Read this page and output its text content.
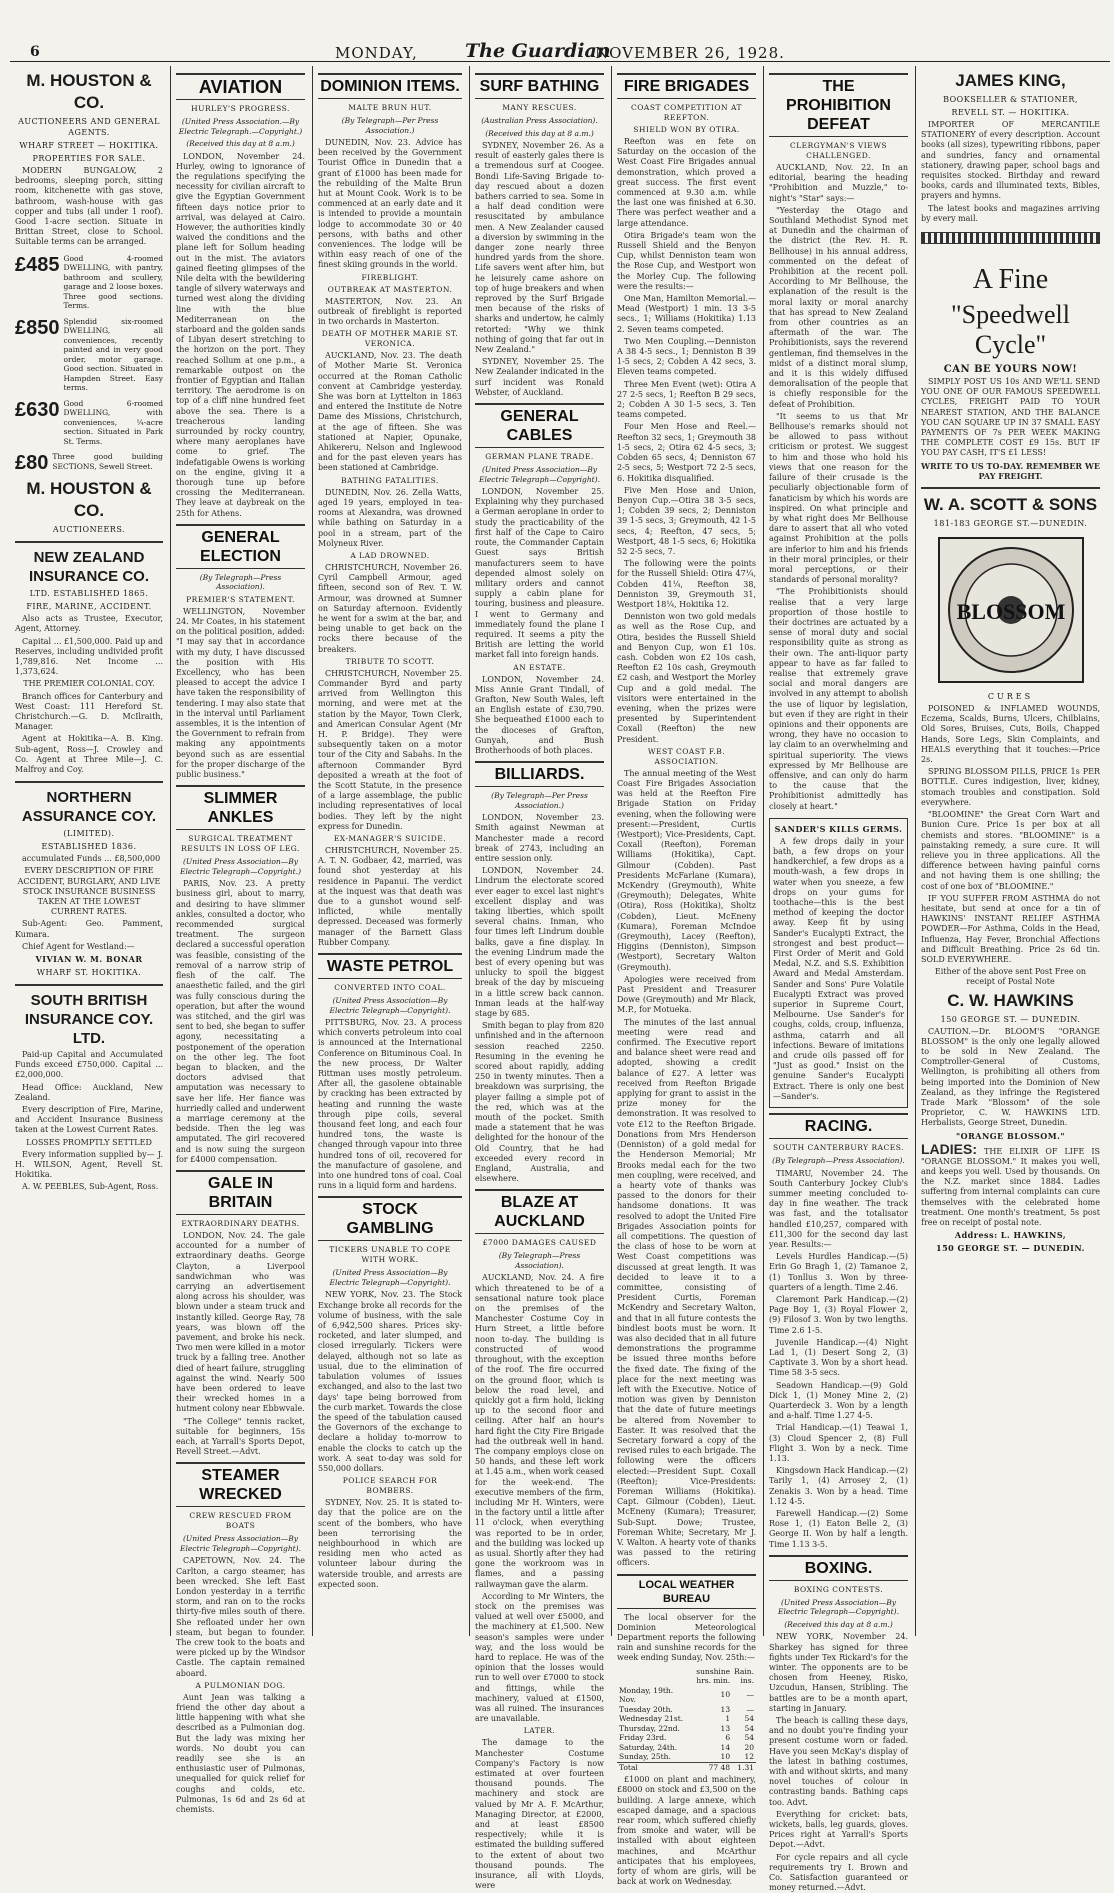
6	MONDAY, The Guardian
NOVEMBER 26, 1928.
M. HOUSTON & CO.
AUCTIONEERS AND GENERAL AGENTS.
WHARF STREET — HOKITIKA.
PROPERTIES FOR SALE.

MODERN BUNGALOW, 2 bedrooms, sleeping porch, sitting room, kitchenette with gas stove, bathroom, wash-house with gas copper and tubs (all under 1 roof). Good 1-acre section. Situate in Brittan Street, close to School. Suitable terms can be arranged.

£485 Good 4-roomed DWELLING, with pantry, bathroom and scullery, garage and 2 loose boxes. Three good sections. Terms.
£850 Splendid six-roomed DWELLING, all conveniences, recently painted and in very good order, motor garage. Good section. Situated in Hampden Street. Easy terms.
£630 Good 6-roomed DWELLING, with conveniences, ¼-acre section. Situated in Park St. Terms.
£80 Three good building SECTIONS, Sewell Street.
M. HOUSTON & CO.
AUCTIONEERS.
NEW ZEALAND INSURANCE CO.
LTD. ESTABLISHED 1865.
FIRE, MARINE, ACCIDENT.

Also acts as Trustee, Executor, Agent, Attorney.

Capital ... £1,500,000. Paid up and Reserves, including undivided profit 1,789,816. Net Income ... 1,373,624.

THE PREMIER COLONIAL COY.

Branch offices for Canterbury and West Coast: 111 Hereford St. Christchurch.—G. D. McIlraith, Manager.

Agent at Hokitika—A. B. King. Sub-agent, Ross—J. Crowley and Co. Agent at Three Mile—J. C. Malfroy and Coy.

NORTHERN ASSURANCE COY.
(LIMITED).
ESTABLISHED 1836.

accumulated Funds ... £8,500,000

EVERY DESCRIPTION OF FIRE ACCIDENT, BURGLARY, AND LIVE STOCK INSURANCE BUSINESS TAKEN AT THE LOWEST CURRENT RATES.

Sub-Agent: Geo. Pamment, Kumara.

Chief Agent for Westland:—

VIVIAN W. M. BONAR
WHARF ST. HOKITIKA.
SOUTH BRITISH INSURANCE COY. LTD.

Paid-up Capital and Accumulated Funds exceed £750,000. Capital ... £2,000,000.

Head Office: Auckland, New Zealand.

Every description of Fire, Marine, and Accident Insurance Business taken at the Lowest Current Rates.

LOSSES PROMPTLY SETTLED

Every information supplied by— J. H. WILSON, Agent, Revell St. Hokitika.

A. W. PEEBLES, Sub-Agent, Ross.

AVIATION
HURLEY'S PROGRESS.
(United Press Association.—By Electric Telegraph.—Copyright.)
(Received this day at 8 a.m.)

LONDON, November 24. Hurley, owing to ignorance of the regulations specifying the necessity for civilian aircraft to give the Egyptian Government fifteen days notice prior to arrival, was delayed at Cairo. However, the authorities kindly waived the conditions and the plane left for Sollum heading out in the mist. The aviators gained fleeting glimpses of the Nile delta with the bewildering tangle of silvery waterways and turned west along the dividing line with the blue Mediterranean on the starboard and the golden sands of Libyan desert stretching to the horizon on the port. They reached Sollum at one p.m., a remarkable outpost on the frontier of Egyptian and Italian territory. The aerodrome is on top of a cliff nine hundred feet above the sea. There is a treacherous landing surrounded by rocky country, where many aeroplanes have come to grief. The indefatigable Owens is working on the engine, giving it a thorough tune up before crossing the Mediterranean. They leave at daybreak on the 25th for Athens.

GENERAL ELECTION
(By Telegraph—Press Association).
PREMIER'S STATEMENT.

WELLINGTON, November 24. Mr Coates, in his statement on the political position, added: "I may say that in accordance with my duty, I have discussed the position with His Excellency, who has been pleased to accept the advice I have taken the responsibility of tendering. I may also state that in the interval until Parliament assembles, it is the intention of the Government to refrain from making any appointments beyond such as are essential for the proper discharge of the public business."

SLIMMER ANKLES
SURGICAL TREATMENT RESULTS IN LOSS OF LEG.
(United Press Association—By Electric Telegraph—Copyright.)

PARIS, Nov. 23. A pretty business girl, about to marry, and desiring to have slimmer ankles, consulted a doctor, who recommended surgical treatment. The surgeon declared a successful operation was feasible, consisting of the removal of a narrow strip of flesh of the calf. The anaesthetic failed, and the girl was fully conscious during the operation, but after the wound was stitched, and the girl was sent to bed, she began to suffer agony, necessitating a postponement of the operation on the other leg. The foot began to blacken, and the doctors advised that amputation was necessary to save her life. Her fiance was hurriedly called and underwent a marriage ceremony at the bedside. Then the leg was amputated. The girl recovered and is now suing the surgeon for £4000 compensation.

GALE IN BRITAIN
EXTRAORDINARY DEATHS.

LONDON, Nov. 24. The gale accounted for a number of extraordinary deaths. George Clayton, a Liverpool sandwichman who was carrying an advertisement along across his shoulder, was blown under a steam truck and instantly killed. George Ray, 78 years, was blown off the pavement, and broke his neck. Two men were killed in a motor truck by a falling tree. Another died of heart failure, struggling against the wind. Nearly 500 have been ordered to leave their wrecked homes in a hutment colony near Ebbwvale.

"The College" tennis racket, suitable for beginners, 15s each, at Yarrall's Sports Depot, Revell Street.—Advt.

STEAMER WRECKED
CREW RESCUED FROM BOATS
(United Press Association—By Electric Telegraph—Copyright).

CAPETOWN, Nov. 24. The Carlton, a cargo steamer, has been wrecked. She left East London yesterday in a terrific storm, and ran on to the rocks thirty-five miles south of there. She refloated under her own steam, but began to founder. The crew took to the boats and were picked up by the Windsor Castle. The captain remained aboard.

A PULMONIAN DOG.

Aunt Jean was talking a friend the other day about a little happening with what she described as a Pulmonian dog. But the lady was mixing her words. No doubt you can readily see she is an enthusiastic user of Pulmonas, unequalled for quick relief for coughs and colds, etc. Pulmonas, 1s 6d and 2s 6d at chemists.

DOMINION ITEMS.
MALTE BRUN HUT.
(By Telegraph—Per Press Association.)

DUNEDIN, Nov. 23. Advice has been received by the Government Tourist Office in Dunedin that a grant of £1000 has been made for the rebuilding of the Malte Brun hut at Mount Cook. Work is to be commenced at an early date and it is intended to provide a mountain lodge to accommodate 30 or 40 persons, with baths and other conveniences. The lodge will be within easy reach of one of the finest skiing grounds in the world.

FIREBLIGHT.
OUTBREAK AT MASTERTON.

MASTERTON, Nov. 23. An outbreak of fireblight is reported in two orchards in Masterton.

DEATH OF MOTHER MARIE ST. VERONICA.

AUCKLAND, Nov. 23. The death of Mother Marie St. Veronica occurred at the Roman Catholic convent at Cambridge yesterday. She was born at Lyttelton in 1863 and entered the Institute de Notre Dame des Missions, Christchurch, at the age of fifteen. She was stationed at Napier, Opunake, Ahikereru, Nelson and Inglewood and for the past eleven years has been stationed at Cambridge.

BATHING FATALITIES.

DUNEDIN, Nov. 26. Zella Watts, aged 19 years, employed in tea-rooms at Alexandra, was drowned while bathing on Saturday in a pool in a stream, part of the Molyneux River.

A LAD DROWNED.

CHRISTCHURCH, November 26. Cyril Campbell Armour, aged fifteen, second son of Rev. T. W. Armour, was drowned at Sumner on Saturday afternoon. Evidently he went for a swim at the bar, and being unable to get back on the rocks there because of the breakers.

TRIBUTE TO SCOTT.

CHRISTCHURCH, November 25. Commander Byrd and party arrived from Wellington this morning, and were met at the station by the Mayor, Town Clerk, and American Consular Agent (Mr H. P. Bridge). They were subsequently taken on a motor tour of the City and Sabahs. In the afternoon Commander Byrd deposited a wreath at the foot of the Scott Statute, in the presence of a large assemblage, the public including representatives of local bodies. They left by the night express for Dunedin.

EX-MANAGER'S SUICIDE.

CHRISTCHURCH, November 25. A. T. N. Godbaer, 42, married, was found shot yesterday at his residence in Papanui. The verdict at the inquest was that death was due to a gunshot wound self-inflicted, while mentally depressed. Deceased was formerly manager of the Barnett Glass Rubber Company.

WASTE PETROL
CONVERTED INTO COAL.
(United Press Association—By Electric Telegraph—Copyright).

PITTSBURG, Nov. 23. A process which converts petroleum into coal is announced at the International Conference on Bituminous Coal. In the new process, Dr Walter Rittman uses mostly petroleum. After all, the gasolene obtainable by cracking has been extracted by heating and running the waste through pipe coils, several thousand feet long, and each four hundred tons, the waste is changed through vapour into three hundred tons of oil, recovered for the manufacture of gasolene, and into one hundred tons of coal. Coal runs in a liquid form and hardens.

STOCK GAMBLING
TICKERS UNABLE TO COPE WITH WORK.
(United Press Association—By Electric Telegraph—Copyright).

NEW YORK, Nov. 23. The Stock Exchange broke all records for the volume of business, with the sale of 6,942,500 shares. Prices sky-rocketed, and later slumped, and closed irregularly. Tickers were delayed, although not so late as usual, due to the elimination of tabulation volumes of issues exchanged, and also to the last two days' tape being borrowed from the curb market. Towards the close the speed of the tabulation caused the Governors of the exchange to declare a holiday to-morrow to enable the clocks to catch up the work. A seat to-day was sold for 550,000 dollars.

POLICE SEARCH FOR BOMBERS.

SYDNEY, Nov. 25. It is stated to-day that the police are on the scent of the bombers, who have been terrorising the neighbourhood in which are residing men who acted as volunteer labour during the waterside trouble, and arrests are expected soon.

SURF BATHING
MANY RESCUES.
(Australian Press Association).
(Received this day at 8 a.m.)

SYDNEY, November 26. As a result of easterly gales there is a tremendous surf at Coogee. Bondi Life-Saving Brigade to-day rescued about a dozen bathers carried to sea. Some in a half dead condition were resuscitated by ambulance men. A New Zealander caused a diversion by swimming in the danger zone nearly three hundred yards from the shore. Life savers went after him, but he leisurely came ashore on top of huge breakers and when reproved by the Surf Brigade men because of the risks of sharks and undertow, he calmly retorted: "Why we think nothing of going that far out in New Zealand."

SYDNEY, November 25. The New Zealander indicated in the surf incident was Ronald Webster, of Auckland.

GENERAL CABLES
GERMAN PLANE TRADE.
(United Press Association—By Electric Telegraph—Copyright).

LONDON, November 25. Explaining why they purchased a German aeroplane in order to study the practicability of the first half of the Cape to Cairo route, the Commander Captain Guest says British manufacturers seem to have depended almost solely on military orders and cannot supply a cabin plane for touring, business and pleasure. I went to Germany and immediately found the plane I required. It seems a pity the British are letting the world market fall into foreign hands.

AN ESTATE.

LONDON, November 24. Miss Annie Grant Tindall, of Grafton, New South Wales, left an English estate of £30,790. She bequeathed £1000 each to the dioceses of Grafton, Gunyah, and Bush Brotherhoods of both places.

BILLIARDS.
(By Telegraph—Per Press Association.)

LONDON, November 23. Smith against Newman at Manchester made a record break of 2743, including an entire session only.

LONDON, November 24. Lindrum the electorate scored ever eager to excel last night's excellent display and was taking liberties, which spoilt several chains. Inman, who four times left Lindrum double balks, gave a fine display. In the evening Lindrum made the best of every opening but was unlucky to spoil the biggest break of the day by miscueing in a little screw back cannon. Inman leads at the half-way stage by 685.

Smith began to play from 820 unfinished and in the afternoon session reached 2250. Resuming in the evening he scored about rapidly, adding 250 in twenty minutes. Then a breakdown was surprising, the player failing a simple pot of the red, which was at the mouth of the pocket. Smith made a statement that he was delighted for the honour of the Old Country, that he had exceeded every record in England, Australia, and elsewhere.

BLAZE AT AUCKLAND
£7000 DAMAGES CAUSED
(By Telegraph—Press Association).

AUCKLAND, Nov. 24. A fire which threatened to be of a sensational nature took place on the premises of the Manchester Costume Coy in Hurn Street, a little before noon to-day. The building is constructed of wood throughout, with the exception of the roof. The fire occurred on the ground floor, which is below the road level, and quickly got a firm hold, licking up to the second floor and ceiling. After half an hour's hard fight the City Fire Brigade had the outbreak well in hand. The company employs close on 50 hands, and these left work at 1.45 a.m., when work ceased for the week-end. The executive members of the firm, including Mr H. Winters, were in the factory until a little after 11 o'clock, when everything was reported to be in order, and the building was locked up as usual. Shortly after they had gone the workroom was in flames, and a passing railwayman gave the alarm.

According to Mr Winters, the stock on the premises was valued at well over £5000, and the machinery at £1,500. New season's samples were under way, and the loss would be hard to replace. He was of the opinion that the losses would run to well over £7000 to stock and fittings, while the machinery, valued at £1500, was all ruined. The insurances are unavailable.

LATER.

The damage to the Manchester Costume Company's Factory is now estimated at over fourteen thousand pounds. The machinery and stock are valued by Mr A. F. McArthur, Managing Director, at £2000, and at least £8500 respectively; while it is estimated the building suffered to the extent of about two thousand pounds. The insurance, all with Lloyds, were

FIRE BRIGADES
COAST COMPETITION AT REEFTON.
SHIELD WON BY OTIRA.

Reefton was en fete on Saturday on the occasion of the West Coast Fire Brigades annual demonstration, which proved a great success. The first event commenced at 9.30 a.m. while the last one was finished at 6.30. There was perfect weather and a large attendance.

Otira Brigade's team won the Russell Shield and the Benyon Cup, whilst Denniston team won the Rose Cup, and Westport won the Morley Cup. The following were the results:—

One Man, Hamilton Memorial.—Mead (Westport) 1 min. 13 3-5 secs., 1; Williams (Hokitika) 1.13 2. Seven teams competed.

Two Men Coupling.—Denniston A 38 4-5 secs., 1; Denniston B 39 1-5 secs, 2; Cobden A 42 secs, 3. Eleven teams competed.

Three Men Event (wet): Otira A 27 2-5 secs, 1; Reefton B 29 secs, 2; Cobden A 30 1-5 secs, 3. Ten teams competed.

Four Men Hose and Reel.—Reefton 32 secs, 1; Greymouth 38 1-5 secs, 2; Otira 62 4-5 secs, 3; Cobden 65 secs, 4; Denniston 67 2-5 secs, 5; Westport 72 2-5 secs, 6. Hokitika disqualified.

Five Men Hose and Union, Benyon Cup.—Otira 38 3-5 secs, 1; Cobden 39 secs, 2; Denniston 39 1-5 secs, 3; Greymouth, 42 1-5 secs, 4; Reefton, 47 secs, 5; Westport, 48 1-5 secs, 6; Hokitika 52 2-5 secs, 7.

The following were the points for the Russell Shield: Otira 47¼, Cobden 41¼, Reefton 38, Denniston 39, Greymouth 31, Westport 18¼, Hokitika 12.

Denniston won two gold medals as well as the Rose Cup, and Otira, besides the Russell Shield and Benyon Cup, won £1 10s. cash. Cobden won £2 10s cash, Reefton £2 10s cash, Greymouth £2 cash, and Westport the Morley Cup and a gold medal. The visitors were entertained in the evening, when the prizes were presented by Superintendent Coxall (Reefton) the new President.

WEST COAST F.B. ASSOCIATION.

The annual meeting of the West Coast Fire Brigades Association was held at the Reefton Fire Brigade Station on Friday evening, when the following were present:—President, Curtis (Westport); Vice-Presidents, Capt. Coxall (Reefton), Foreman Williams (Hokitika), Capt. Gilmour (Cobden). Past Presidents McFarlane (Kumara), McKendry (Greymouth), White (Greymouth); Delegates, White (Otira), Ross (Hokitika), Sholtz (Cobden), Lieut. McEneny (Kumara), Foreman McIndoe (Greymouth), Lacey (Reefton), Higgins (Denniston), Simpson (Westport), Secretary Walton (Greymouth).

Apologies were received from Past President and Treasurer Dowe (Greymouth) and Mr Black, M.P., for Motueka.

The minutes of the last annual meeting were read and confirmed. The Executive report and balance sheet were read and adopted, showing a credit balance of £27. A letter was received from Reefton Brigade applying for grant to assist in the prize money for the demonstration. It was resolved to vote £12 to the Reefton Brigade. Donations from Mrs Henderson (Denniston) of a gold medal for the Henderson Memorial; Mr Brooks medal each for the two men coupling, were received, and a hearty vote of thanks was passed to the donors for their handsome donations. It was resolved to adopt the United Fire Brigades Association points for all competitions. The question of the class of hose to be worn at West Coast competitions was discussed at great length. It was decided to leave it to a committee, consisting of President Curtis, Foreman McKendry and Secretary Walton, and that in all future contests the bindlest boots must be worn. It was also decided that in all future demonstrations the programme be issued three months before the fixed date. The fixing of the place for the next meeting was left with the Executive. Notice of motion was given by Denniston that the date of future meetings be altered from November to Easter. It was resolved that the Secretary forward a copy of the revised rules to each brigade. The following were the officers elected:—President Supt. Coxall (Reefton); Vice-Presidents: Foreman Williams (Hokitika). Capt. Gilmour (Cobden), Lieut. McEneny (Kumara); Treasurer, Sub-Supt. Dowe; Trustee, Foreman White; Secretary, Mr J. V. Walton. A hearty vote of thanks was passed to the retiring officers.

LOCAL WEATHER BUREAU

The local observer for the Dominion Meteorological Department reports the following rain and sunshine records for the week ending Sunday, Nov. 25th:—

	sunshine	Rain.
	hrs. min.	ins.
Monday, 19th. Nov.	10	—
Tuesday 20th.	13	—
Wednesday 21st.	1	54
Thursday, 22nd.	13	54
Friday 23rd.	6	54
Saturday, 24th.	14	20
Sunday, 25th.	10	12
Total	77 48	1.31

£1000 on plant and machinery, £8000 on stock and £3,500 on the building. A large annexe, which escaped damage, and a spacious rear room, which suffered chiefly from smoke and water, will be installed with about eighteen machines, and McArthur anticipates that his employees, forty of whom are girls, will be back at work on Wednesday.

THE PROHIBITION DEFEAT
CLERGYMAN'S VIEWS CHALLENGED.

AUCKLAND, Nov. 22. In an editorial, bearing the heading "Prohibition and Muzzle," to-night's "Star" says:—

"Yesterday the Otago and Southland Methodist Synod met at Dunedin and the chairman of the district (the Rev. H. R. Bellhouse) in his annual address, commented on the defeat of Prohibition at the recent poll. According to Mr Bellhouse, the explanation of the result is the moral laxity or moral anarchy that has spread to New Zealand from other countries as an aftermath of the war. The Prohibitionists, says the reverend gentleman, find themselves in the midst of a distinct moral slump, and it is this widely diffused demoralisation of the people that is chiefly responsible for the defeat of Prohibition.

"It seems to us that Mr Bellhouse's remarks should not be allowed to pass without criticism or protest. We suggest to him and those who hold his views that one reason for the failure of their crusade is the peculiarly objectionable form of fanaticism by which his words are inspired. On what principle and by what right does Mr Bellhouse dare to assert that all who voted against Prohibition at the polls are inferior to him and his friends in their moral principles, or their moral perceptions, or their standards of personal morality?

"The Prohibitionists should realise that a very large proportion of those hostile to their doctrines are actuated by a sense of moral duty and social responsibility quite as strong as their own. The anti-liquor party appear to have as far failed to realise that extremely grave social and moral dangers are involved in any attempt to abolish the use of liquor by legislation, but even if they are right in their opinions and their opponents are wrong, they have no occasion to lay claim to an overwhelming and spiritual superiority. The views expressed by Mr Bellhouse are offensive, and can only do harm to the cause that the Prohibitionist admittedly has closely at heart."

SANDER'S KILLS GERMS.

A few drops daily in your bath, a few drops on your handkerchief, a few drops as a mouth-wash, a few drops in water when you sneeze, a few drops on your gums for toothache—this is the best method of keeping the doctor away. Keep fit by using Sander's Eucalypti Extract, the strongest and best product—First Order of Merit and Gold Medal, N.Z. and S.S. Exhibition Award and Medal Amsterdam. Sander and Sons' Pure Volatile Eucalypti Extract was proved superior in Supreme Court, Melbourne. Use Sander's for coughs, colds, croup, influenza, asthma, catarrh and all infections. Beware of imitations and crude oils passed off for "Just as good." Insist on the genuine Sander's Eucalypti Extract. There is only one best—Sander's.

RACING.
SOUTH CANTERBURY RACES.
(By Telegraph—Press Association).

TIMARU, November 24. The South Canterbury Jockey Club's summer meeting concluded to-day in fine weather. The track was fast, and the totalisator handled £10,257, compared with £11,300 for the second day last year. Results:—

Levels Hurdles Handicap.—(5) Erin Go Bragh 1, (2) Tamanoe 2, (1) Tonllus 3. Won by three-quarters of a length. Time 2.46.

Claremont Park Handicap.—(2) Page Boy 1, (3) Royal Flower 2, (9) Filosof 3. Won by two lengths. Time 2.6 1-5.

Juvenile Handicap.—(4) Night Lad 1, (1) Desert Song 2, (3) Captivate 3. Won by a short head. Time 58 3-5 secs.

Seadown Handicap.—(9) Gold Dick 1, (1) Money Mine 2, (2) Quarterdeck 3. Won by a length and a-half. Time 1.27 4-5.

Trial Handicap.—(1) Teawai 1, (3) Cloud Spencer 2, (8) Full Flight 3. Won by a neck. Time 1.13.

Kingsdown Hack Handicap.—(2) Tarily 1, (4) Arrosey 2, (1) Zenakis 3. Won by a head. Time 1.12 4-5.

Farewell Handicap.—(2) Some Rose 1, (1) Eaton Belle 2, (3) George II. Won by half a length. Time 1.13 3-5.

BOXING.
BOXING CONTESTS.
(United Press Association—By Electric Telegraph—Copyright).
(Received this day at 8 a.m.)

NEW YORK, November 24. Sharkey has signed for three fights under Tex Rickard's for the winter. The opponents are to be chosen from Heeney, Risko, Uzcudun, Hansen, Stribling. The battles are to be a month apart, starting in January.

The beach is calling these days, and no doubt you're finding your present costume worn or faded. Have you seen McKay's display of the latest in bathing costumes, with and without skirts, and many novel touches of colour in contrasting bands. Bathing caps too. Advt.

Everything for cricket: bats, wickets, balls, leg guards, gloves. Prices right at Yarrall's Sports Depot.—Advt.

For cycle repairs and all cycle requirements try I. Brown and Co. Satisfaction guaranteed or money returned.—Advt.

JAMES KING,
BOOKSELLER & STATIONER,
REVELL ST. — HOKITIKA.

IMPORTER OF MERCANTILE STATIONERY of every description. Account books (all sizes), typewriting ribbons, paper and sundries, fancy and ornamental stationery, drawing paper, school bags and requisites stocked. Birthday and reward books, cards and illuminated texts, Bibles, prayers and hymns.

The latest books and magazines arriving by every mail.

A Fine
"Speedwell Cycle"
CAN BE YOURS NOW!

SIMPLY POST US 10s AND WE'LL SEND YOU ONE OF OUR FAMOUS SPEEDWELL CYCLES, FREIGHT PAID TO YOUR NEAREST STATION, AND THE BALANCE YOU CAN SQUARE UP IN 37 SMALL EASY PAYMENTS OF 7s PER WEEK MAKING THE COMPLETE COST £9 15s. BUT IF YOU PAY CASH, IT'S £1 LESS!

WRITE TO US TO-DAY. REMEMBER WE PAY FREIGHT.

W. A. SCOTT & SONS
181-183 GEORGE ST.—DUNEDIN.
BLOSSOM
CURES

POISONED & INFLAMED WOUNDS, Eczema, Scalds, Burns, Ulcers, Chilblains, Old Sores, Bruises, Cuts, Boils, Chapped Hands, Sore Legs, Skin Complaints, and HEALS everything that it touches:—Price 2s.

SPRING BLOSSOM PILLS, PRICE 1s PER BOTTLE. Cures indigestion, liver, kidney, stomach troubles and constipation. Sold everywhere.

"BLOOMINE" the Great Corn Wart and Bunion Cure. Price 1s per box at all chemists and stores. "BLOOMINE" is a painstaking remedy, a sure cure. It will relieve you in three applications. All the difference between having painful corns and not having them is one shilling; the cost of one box of "BLOOMINE."

IF YOU SUFFER FROM ASTHMA do not hesitate, but send at once for a tin of HAWKINS' INSTANT RELIEF ASTHMA POWDER—For Asthma, Colds in the Head, Influenza, Hay Fever, Bronchial Affections and Difficult Breathing. Price 2s 6d tin. SOLD EVERYWHERE.

Either of the above sent Post Free on receipt of Postal Note

C. W. HAWKINS
150 GEORGE ST. — DUNEDIN.

CAUTION.—Dr. BLOOM'S "ORANGE BLOSSOM" is the only one legally allowed to be sold in New Zealand. The Comptroller-General of Customs, Wellington, is prohibiting all others from being imported into the Dominion of New Zealand, as they infringe the Registered Trade Mark "Blossom" of the sole Proprietor, C. W. HAWKINS LTD. Herbalists, George Street, Dunedin.

"ORANGE BLOSSOM."

LADIES: THE ELIXIR OF LIFE IS "ORANGE BLOSSOM." It makes you well, and keeps you well. Used by thousands. On the N.Z. market since 1884. Ladies suffering from internal complaints can cure themselves with the celebrated home treatment. One month's treatment, 5s post free on receipt of postal note.

Address: L. HAWKINS,
150 GEORGE ST. — DUNEDIN.
